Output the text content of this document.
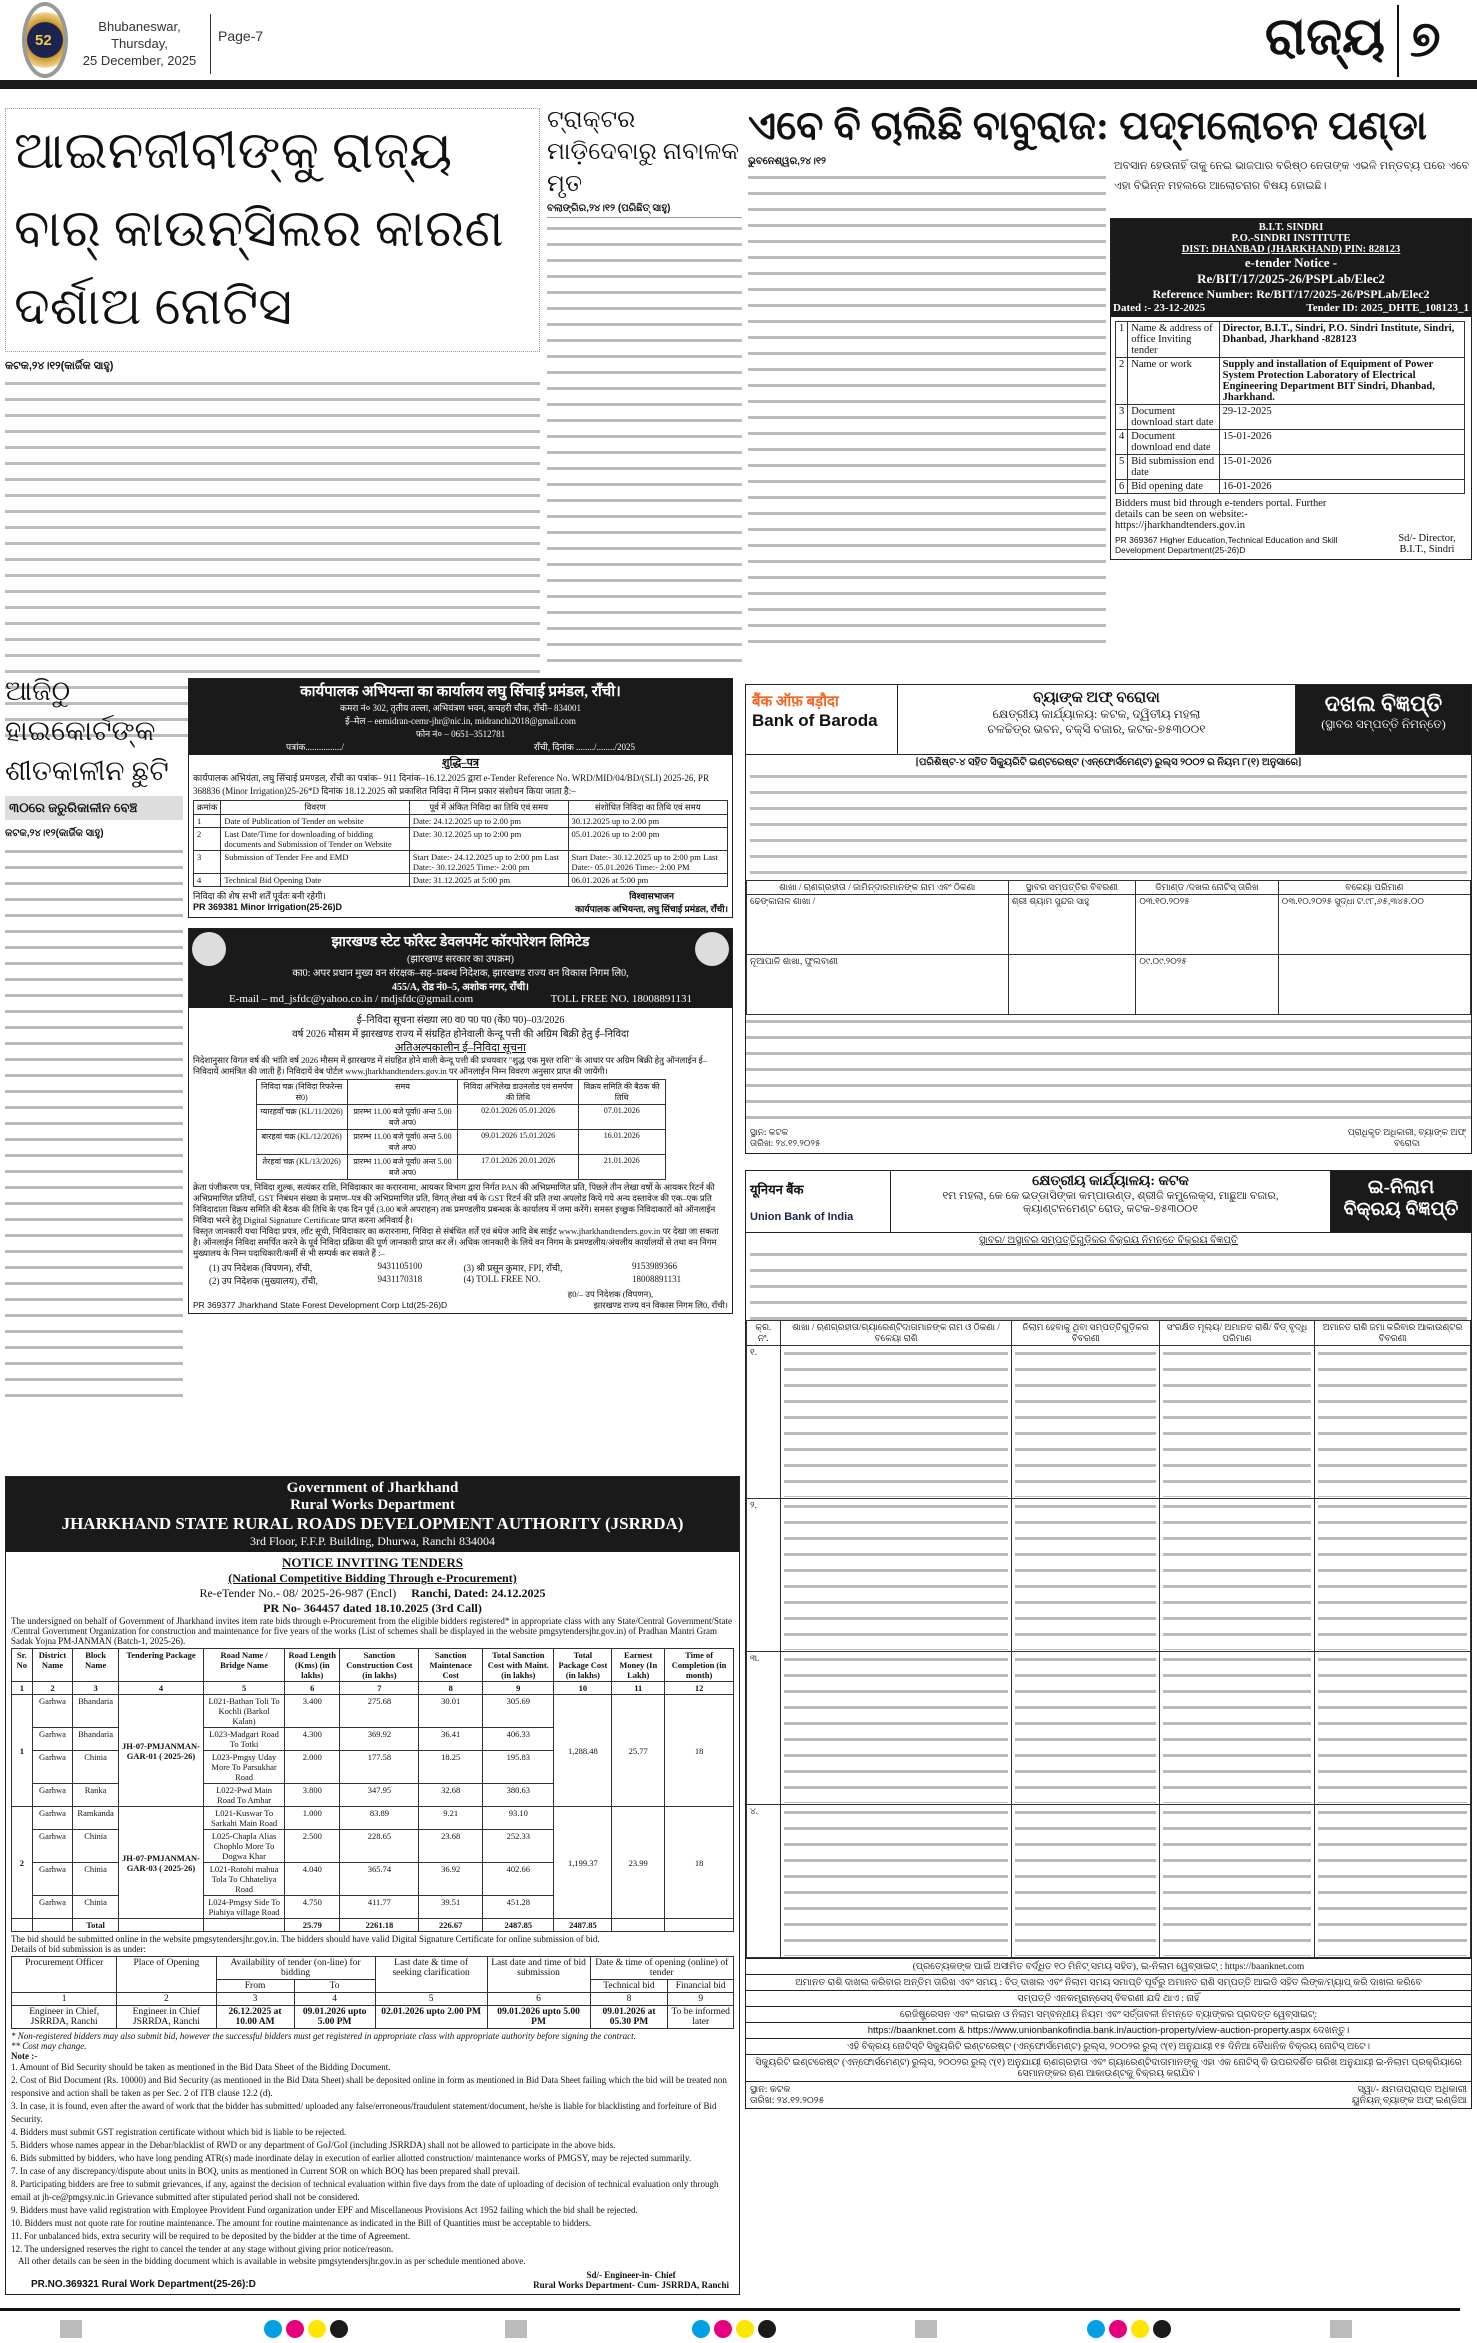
52
Bhubaneswar, Thursday,
25 December, 2025
Page-7	ରାଜ୍ୟ ୭
ଆଇନଜୀବୀଙ୍କୁ ରାଜ୍ୟ ବାର୍ କାଉନ୍ସିଲର କାରଣ ଦର୍ଶାଅ ନୋଟିସ
କଟକ,୨୪।୧୨(କାର୍ଜିକ ସାହୁ)
ଟ୍ରାକ୍ଟର ମାଡ଼ିଦେବାରୁ ନାବାଳକ ମୃତ
ବଲାଙ୍ଗିର,୨୪।୧୨ (ପରିଛିତ୍ ସାହୁ)
ଏବେ ବି ଚାଲିଛି ବାବୁରାଜ: ପଦ୍ମଲୋଚନ ପଣ୍ଡା
ଭୁବନେଶ୍ୱର,୨୪।୧୨	ଅବସାନ ହେଉନାହିଁ ତାକୁ ନେଇ ଭାଜପାର ବରିଷ୍ଠ ନେତାଙ୍କ ଏଭଳି ମନ୍ତବ୍ୟ ପରେ ଏବେ ଏହା ବିଭିନ୍ନ ମହଲରେ ଆଲୋଚନାର ବିଷୟ ହୋଇଛି।
B.I.T. SINDRI
P.O.-SINDRI INSTITUTE
DIST: DHANBAD (JHARKHAND) PIN: 828123
e-tender Notice -
Re/BIT/17/2025-26/PSPLab/Elec2
Reference Number: Re/BIT/17/2025-26/PSPLab/Elec2
Dated :- 23-12-2025	Tender ID: 2025_DHTE_108123_1
1	Name & address of office Inviting tender	Director, B.I.T., Sindri, P.O. Sindri Institute, Sindri, Dhanbad, Jharkhand -828123
2	Name or work	Supply and installation of Equipment of Power System Protection Laboratory of Electrical Engineering Department BIT Sindri, Dhanbad, Jharkhand.
3	Document download start date	29-12-2025
4	Document download end date	15-01-2026
5	Bid submission end date	15-01-2026
6	Bid opening date	16-01-2026
Bidders must bid through e-tenders portal. Further details can be seen on website:- https://jharkhandtenders.gov.in
PR 369367 Higher Education,Technical Education and Skill Development Department(25-26)D
Sd/- Director, B.I.T., Sindri
ଆଜିଠୁ ହାଇକୋର୍ଟଙ୍କ ଶୀତକାଳୀନ ଛୁଟି
୩୦ରେ ଜରୁରିକାଳୀନ ବେଞ୍ଚ
କଟକ,୨୪।୧୨(କାର୍ଜିକ ସାହୁ)
कार्यपालक अभियन्ता का कार्यालय लघु सिंचाई प्रमंडल, राँची।
कमरा नं० 302, तृतीय तल्ला, अभियंत्रण भवन, कचहरी चौक, राँची– 834001
ई–मेल – eemidran-cemr-jhr@nic.in, midranchi2018@gmail.com
फोन नं० – 0651–3512781
पत्रांक................/	राँची, दिनांक ......../......../2025
शुद्धि–पत्र
कार्यपालक अभियंता, लघु सिंचाई प्रमण्डल, राँची का पत्रांक– 911 दिनांक–16.12.2025 द्वारा e-Tender Reference No. WRD/MID/04/BD/(SLI) 2025-26, PR 368836 (Minor Irrigation)25-26*D दिनांक 18.12.2025 को प्रकाशित निविदा में निम्न प्रकार संशोधन किया जाता है:–
क्रमांक	विवरण	पूर्व में अंकित निविदा का तिथि एवं समय	संशोधित निविदा का तिथि एवं समय
1	Date of Publication of Tender on website	Date: 24.12.2025 up to 2.00 pm	30.12.2025 up to 2.00 pm
2	Last Date/Time for downloading of bidding documents and Submission of Tender on Website	Date: 30.12.2025 up to 2:00 pm	05.01.2026 up to 2:00 pm
3	Submission of Tender Fee and EMD	Start Date:- 24.12.2025 up to 2:00 pm Last Date:- 30.12.2025 Time:- 2:00 pm	Start Date:- 30.12.2025 up to 2:00 pm Last Date:- 05.01.2026 Time:- 2:00 PM
4	Technical Bid Opening Date	Date: 31.12.2025 at 5:00 pm	06.01.2026 at 5:00 pm
निविदा की शेष सभी शर्तें पूर्वतः बनी रहेगी।
PR 369381 Minor Irrigation(25-26)D
विश्वासभाजन
कार्यपालक अभियन्ता, लघु सिंचाई प्रमंडल, राँची।
झारखण्ड स्टेट फॉरेस्ट डेवलपमेंट कॉरपोरेशन लिमिटेड
(झारखण्ड सरकार का उपक्रम)
का0: अपर प्रधान मुख्य वन संरक्षक–सह–प्रबन्ध निदेशक, झारखण्ड राज्य वन विकास निगम लि0,
455/A, रोड नं0–5, अशोक नगर, राँची।
E-mail – md_jsfdc@yahoo.co.in / mdjsfdc@gmail.com	TOLL FREE NO. 18008891131
ई–निविदा सूचना संख्या ल0 व0 प0 प0 (के0 प0)–03/2026
वर्ष 2026 मौसम में झारखण्ड राज्य में संग्रहित होनेवाली केन्दू पत्ती की अग्रिम बिक्री हेतु ई–निविदा
अतिअल्पकालीन ई–निविदा सूचना
निदेशानुसार विगत वर्ष की भांति वर्ष 2026 मौसम में झारखण्ड में संग्रहित होने वाली केन्दू पत्ती की प्रचयवार "शुद्ध एक मुश्त राशि" के आधार पर अग्रिम बिक्री हेतु ऑनलाईन ई–निविदायें आमंत्रित की जाती हैं। निविदायें वेब पोर्टल www.jharkhandtenders.gov.in पर ऑनलाईन निम्न विवरण अनुसार प्राप्त की जायेंगी।
निविदा चक्र (निविदा रिफरेन्स सं0)	समय	निविदा अभिलेख डाउनलोड एवं समर्पण की तिथि	विक्रय समिति की बैठक की तिथि
ग्यारहवाँ चक्र (KL/11/2026)	प्रारम्भ 11.00 बजे पूर्वा0 अन्त 5.00 बजे अप0	02.01.2026 05.01.2026	07.01.2026
बारहवां चक्र (KL/12/2026)	प्रारम्भ 11.00 बजे पूर्वा0 अन्त 5.00 बजे अप0	09.01.2026 15.01.2026	16.01.2026
तेरहवां चक्र (KL/13/2026)	प्रारम्भ 11.00 बजे पूर्वा0 अन्त 5.00 बजे अप0	17.01.2026 20.01.2026	21.01.2026
क्रेता पंजीकरण पत्र, निविदा शुल्क, सत्यंकर राशि, निविदाकार का करारनामा, आयकर विभाग द्वारा निर्गत PAN की अभिप्रमाणित प्रति, पिछले तीन लेखा वर्षो के आयकर रिटर्न की अभिप्रमाणित प्रतियाँ, GST निबंधन संख्या के प्रमाण–पत्र की अभिप्रमाणित प्रति, विगत् लेखा वर्ष के GST रिटर्न की प्रति तथा अपलोड किये गये अन्य दस्तावेज की एक–एक प्रति निविदादाता विक्रय समिति की बैठक की तिथि के एक दिन पूर्व (3.00 बजे अपराहन) तक प्रमण्डलीय प्रबन्धक के कार्यालय में जमा करेंगे। समस्त इच्छुक निविदाकारों को ऑनलाईन निविदा भरने हेतु Digital Signature Certificate प्राप्त करना अनिवार्य है।
विस्तृत जानकारी यथा निविदा प्रपत्र, लॉट सूची, निविदाकार का करारनामा, निविदा से संबंधित शर्तें एवं बंधेज आदि वेब साईट www.jharkhandtenders.gov.in पर देखा जा सकता है। ऑनलाईन निविदा समर्पित करने के पूर्व निविदा प्रक्रिया की पूर्ण जानकारी प्राप्त कर लें। अधिक जानकारी के लिये वन निगम के प्रमण्डलीय/अंचलीय कार्यालयों से तथा वन निगम मुख्यालय के निम्न पदाधिकारी/कर्मी से भी सम्पर्क कर सकते हैं :–
(1) उप निदेशक (विपणन), राँची,	9431105100	(3) श्री प्रसून कुमार, FPI, राँची,	9153989366
(2) उप निदेशक (मुख्यालय), राँची,	9431170318	(4) TOLL FREE NO.	18008891131
ह0/– उप निदेशक (विपणन),
PR 369377 Jharkhand State Forest Development Corp Ltd(25-26)D	झारखण्ड राज्य वन विकास निगम लि0, राँची।
Government of Jharkhand
Rural Works Department
JHARKHAND STATE RURAL ROADS DEVELOPMENT AUTHORITY (JSRRDA)
3rd Floor, F.F.P. Building, Dhurwa, Ranchi 834004
NOTICE INVITING TENDERS
(National Competitive Bidding Through e-Procurement)
Re-eTender No.- 08/ 2025-26-987 (Encl) Ranchi, Dated: 24.12.2025
PR No- 364457 dated 18.10.2025 (3rd Call)
The undersigned on behalf of Government of Jharkhand invites item rate bids through e-Procurement from the eligible bidders registered* in appropriate class with any State/Central Government/State /Central Government Organization for construction and maintenance for five years of the works (List of schemes shall be displayed in the website pmgsytendersjhr.gov.in) of Pradhan Mantri Gram Sadak Yojna PM-JANMAN (Batch-1, 2025-26).
Sr. No	District Name	Block Name	Tendering Package	Road Name / Bridge Name	Road Length (Kms) (in lakhs)	Sanction Construction Cost (in lakhs)	Sanction Maintenace Cost	Total Sanction Cost with Maint. (in lakhs)	Total Package Cost (in lakhs)	Earnest Money (In Lakh)	Time of Completion (in month)
1	2	3	4	5	6	7	8	9	10	11	12
1	Garhwa	Bhandaria	JH-07-PMJANMAN-GAR-01 ( 2025-26)	L021-Bathan Toli To Kochli (Barkol Kalan)	3.400	275.68	30.01	305.69	1,288.48	25.77	18
	Garhwa	Bhandaria		L023-Madgari Road To Totki	4.300	369.92	36.41	406.33			
	Garhwa	Chinia		L023-Pmgsy Uday More To Parsukhar Road	2.000	177.58	18.25	195.83			
	Garhwa	Ranka		L022-Pwd Main Road To Amhar	3.800	347.95	32.68	380.63			
2	Garhwa	Ramkanda	JH-07-PMJANMAN-GAR-03 ( 2025-26)	L021-Kuswar To Sarkahi Main Road	1.000	83.89	9.21	93.10	1,199.37	23.99	18
	Garhwa	Chinia		L025-Chapla Alias Chophlo More To Dogwa Khar	2.500	228.65	23.68	252.33			
	Garhwa	Chinia		L021-Rotohi mahua Tola To Chhateliya Road	4.040	365.74	36.92	402.66			
	Garhwa	Chinia		L024-Pmgsy Side To Piahiya village Road	4.750	411.77	39.51	451.28			
		Total			25.79	2261.18	226.67	2487.85	2487.85		
The bid should be submitted online in the website pmgsytendersjhr.gov.in. The bidders should have valid Digital Signature Certificate for online submission of bid.
Details of bid submission is as under:
Procurement Officer	Place of Opening	Availability of tender (on-line) for bidding		Last date & time of seeking clarification	Last date and time of bid submission	Date & time of opening (online) of tender	
		From	To			Technical bid	Financial bid
1	2	3	4	5	6	8	9
Engineer in Chief, JSRRDA, Ranchi	Engineer in Chief JSRRDA, Ranchi	26.12.2025 at 10.00 AM	09.01.2026 upto 5.00 PM	02.01.2026 upto 2.00 PM	09.01.2026 upto 5.00 PM	09.01.2026 at 05.30 PM	To be informed later
* Non-registered bidders may also submit bid, however the successful bidders must get registered in appropriate class with appropriate authority before signing the contract.
** Cost may change.
Note :-
1. Amount of Bid Security should be taken as mentioned in the Bid Data Sheet of the Bidding Document.
2. Cost of Bid Document (Rs. 10000) and Bid Security (as mentioned in the Bid Data Sheet) shall be deposited online in form as mentioned in Bid Data Sheet failing which the bid will be treated non responsive and action shall be taken as per Sec. 2 of ITB clause 12.2 (d).
3. In case, it is found, even after the award of work that the bidder has submitted/ uploaded any false/erroneous/fraudulent statement/document, he/she is liable for blacklisting and forfeiture of Bid Security.
4. Bidders must submit GST registration certificate without which bid is liable to be rejected.
5. Bidders whose names appear in the Debar/blacklist of RWD or any department of GoJ/GoI (including JSRRDA) shall not be allowed to participate in the above bids.
6. Bids submitted by bidders, who have long pending ATR(s) made inordinate delay in execution of earlier allotted construction/ maintenance works of PMGSY, may be rejected summarily.
7. In case of any discrepancy/dispute about units in BOQ, units as mentioned in Current SOR on which BOQ has been prepared shall prevail.
8. Participating bidders are free to submit grievances, if any, against the decision of technical evaluation within five days from the date of uploading of decision of technical evaluation only through email at jh-ce@pmgsy.nic.in Grievance submitted after stipulated period shall not be considered.
9. Bidders must have valid registration with Employee Provident Fund organization under EPF and Miscellaneous Provisions Act 1952 failing which the bid shall be rejected.
10. Bidders must not quote rate for routine maintenance. The amount for routine maintenance as indicated in the Bill of Quantities must be acceptable to bidders.
11. For unbalanced bids, extra security will be required to be deposited by the bidder at the time of Agreement.
12. The undersigned reserves the right to cancel the tender at any stage without giving prior notice/reason.
All other details can be seen in the bidding document which is available in website pmgsytendersjhr.gov.in as per schedule mentioned above.
PR.NO.369321 Rural Work Department(25-26):D
Sd/- Engineer-in- Chief
Rural Works Department- Cum- JSRRDA, Ranchi
बैंक ऑफ़ बड़ौदा
Bank of Baroda
ବ୍ୟାଙ୍କ ଅଫ୍ ବରୋଦା
କ୍ଷେତ୍ରୀୟ କାର୍ଯ୍ୟାଳୟ: କଟକ, ଦ୍ୱିତୀୟ ମହଲା
ଚଳଚ୍ଚିତ୍ର ଭବନ, ବକ୍ସି ବଜାର, କଟକ-୭୫୩୦୦୧
ଦଖଲ ବିଜ୍ଞପ୍ତି
(ସ୍ଥାବର ସମ୍ପତ୍ତି ନିମନ୍ତେ)
[ପରିଶିଷ୍ଟ-୪ ସହିତ ସିକ୍ୟୁରିଟି ଇଣ୍ଟରେଷ୍ଟ (ଏନ୍‌ଫୋର୍ସମେଣ୍ଟ) ରୁଲ୍ସ ୨୦୦୨ ର ନିୟମ ୮(୧) ଅନୁସାରେ]
ଶାଖା / ଋଣଗ୍ରହୀତା / ଜାମିନ୍‌ଦାରମାନଙ୍କ ନାମ ଏବଂ ଠିକଣା	ସ୍ଥାବର ସମ୍ପତ୍ତିର ବିବରଣୀ	ଡିମାଣ୍ଡ /ଦଖଲ ନୋଟିସ୍ ତାରିଖ	ବକେୟା ପରିମାଣ
ଢେଙ୍କାନାଳ ଶାଖା /	ଶ୍ରୀ ଶ୍ୟାମ ସୁନ୍ଦର ସାହୁ	୦୩.୧୦.୨୦୨୫	୦୩.୧୦.୨୦୨୫ ସୁଦ୍ଧା ଟ.୯୮,୬୫,୩୪୫.୦୦
ନୂଆପାଳି ଶାଖା, ଫୁଲବାଣୀ		୦୯.୦୯.୨୦୨୫	
ସ୍ଥାନ: କଟକ
ତାରିଖ: ୨୪.୧୨.୨୦୨୫
ପ୍ରାଧିକୃତ ଅଧିକାରୀ, ବ୍ୟାଙ୍କ ଅଫ୍ ବରୋଦା
यूनियन बैंक
Union Bank of India
କ୍ଷେତ୍ରୀୟ କାର୍ଯ୍ୟାଳୟ: କଟକ
୧ମ ମହଲା, କେ କେ ଭଡ୍ଡାସିଙ୍କା କମ୍ପାଉଣ୍ଡ, ଶ୍ରୀଜି କମ୍ପ୍ଲେକ୍ସ, ମାଛୁଆ ବଜାର,
କ୍ୟାଣ୍ଟନମେଣ୍ଟ ରୋଡ୍, କଟକ-୭୫୩୦୦୧
ଇ-ନିଲାମ ବିକ୍ରୟ ବିଜ୍ଞପ୍ତି
ସ୍ଥାବର/ ଅସ୍ଥାବର ସମ୍ପତ୍ତିଗୁଡ଼ିକର ବିକ୍ରୟ ନିମନ୍ତେ ବିକ୍ରୟ ବିଜ୍ଞପ୍ତି
କ୍ର. ନଂ.	ଶାଖା / ଋଣଗ୍ରହୀତା/ଗ୍ୟାରେଣ୍ଟିଦାତାମାନଙ୍କ ନାମ ଓ ଠିକଣା / ବକେୟା ରାଶି	ନିଲାମ ହେବାକୁ ଥିବା ସମ୍ପତ୍ତିଗୁଡ଼ିକର ବିବରଣୀ	ସଂରକ୍ଷିତ ମୂଲ୍ୟ/ ଅମାନତ ରାଶି/ ବିଡ୍ ବୃଦ୍ଧି ପରିମାଣ	ଅମାନତ ରାଶି ଜମା କରିବାର ଆକାଉଣ୍ଟର ବିବରଣୀ
୧.	

୨.	

୩.	

୪.	

(ପ୍ରତ୍ୟେକଙ୍କ ପାଇଁ ଅସୀମିତ ବର୍ଦ୍ଧିତ ୧୦ ମିନିଟ୍ ସମୟ ସହିତ), ଇ-ନିଲାମ ୱେବ୍‌ସାଇଟ୍ : https://baanknet.com
ଅମାନତ ରାଶି ଦାଖଲ କରିବାର ଅନ୍ତିମ ତାରିଖ ଏବଂ ସମୟ : ବିଡ୍ ଦାଖଲ ଏବଂ ନିଲାମ ସମୟ ସମାପ୍ତି ପୂର୍ବରୁ ଅମାନତ ରାଶି ସମ୍ପତ୍ତି ଆଇଡି ସହିତ ଲିଙ୍କ/ମ୍ୟାପ୍ କରି ଦାଖଲ କରିବେ
ସମ୍ପତ୍ତି ଏନକମ୍ବ୍ରାନ୍‌ସେସ୍ ବିବରଣୀ ଯଦି ଥାଏ : ନାହିଁ
ରେଜିଷ୍ଟ୍ରେସନ ଏବଂ ଲଗଇନ ଓ ନିଲାମ ସମ୍ବନ୍ଧୀୟ ନିୟମ ଏବଂ ସର୍ତ୍ତାବଳୀ ନିମନ୍ତେ ବ୍ୟାଙ୍କର ପ୍ରଦତ୍ତ ୱେବ୍‌ସାଇଟ୍:
https://baanknet.com & https://www.unionbankofindia.bank.in/auction-property/view-auction-property.aspx ଦେଖନ୍ତୁ।
ଏହି ବିକ୍ରୟ ନୋଟିସ୍‌ଟି ସିକ୍ୟୁରିଟି ଇଣ୍ଟରେଷ୍ଟ (ଏନ୍‌ଫୋର୍ସମେଣ୍ଟ) ରୁଲ୍ସ, ୨୦୦୨ର ରୁଲ୍ ୯(୧) ଅନୁଯାୟୀ ୧୫ ଦିନିଆ ବୈଧାନିକ ବିକ୍ରୟ ନୋଟିସ୍ ଅଟେ।
ସିକ୍ୟୁରିଟି ଇଣ୍ଟରେଷ୍ଟ (ଏନ୍‌ଫୋର୍ସମେଣ୍ଟ) ରୁଲ୍ସ, ୨୦୦୨ର ରୁଲ୍ ୯(୧) ଅନୁଯାୟୀ ଋଣଗ୍ରହୀତା ଏବଂ ଗ୍ୟାରେଣ୍ଟିଦାତାମାନଙ୍କୁ ଏହା ଏକ ନୋଟିସ୍ କି ଉପରଦର୍ଶିତ ତାରିଖ ଅନୁଯାୟୀ ଇ-ନିଲାମ ପ୍ରକ୍ରିୟାରେ ସେମାନଙ୍କର ଋଣ ଆକାଉଣ୍ଟକୁ ବିକ୍ରୟ କରାଯିବ।
ସ୍ଥାନ: କଟକ
ତାରିଖ: ୨୪.୧୨.୨୦୨୫
ସ୍ୱା/- କ୍ଷମତାପ୍ରାପ୍ତ ଅଧିକାରୀ
ୟୁନିୟନ୍ ବ୍ୟାଙ୍କ ଅଫ୍ ଇଣ୍ଡିଆ
